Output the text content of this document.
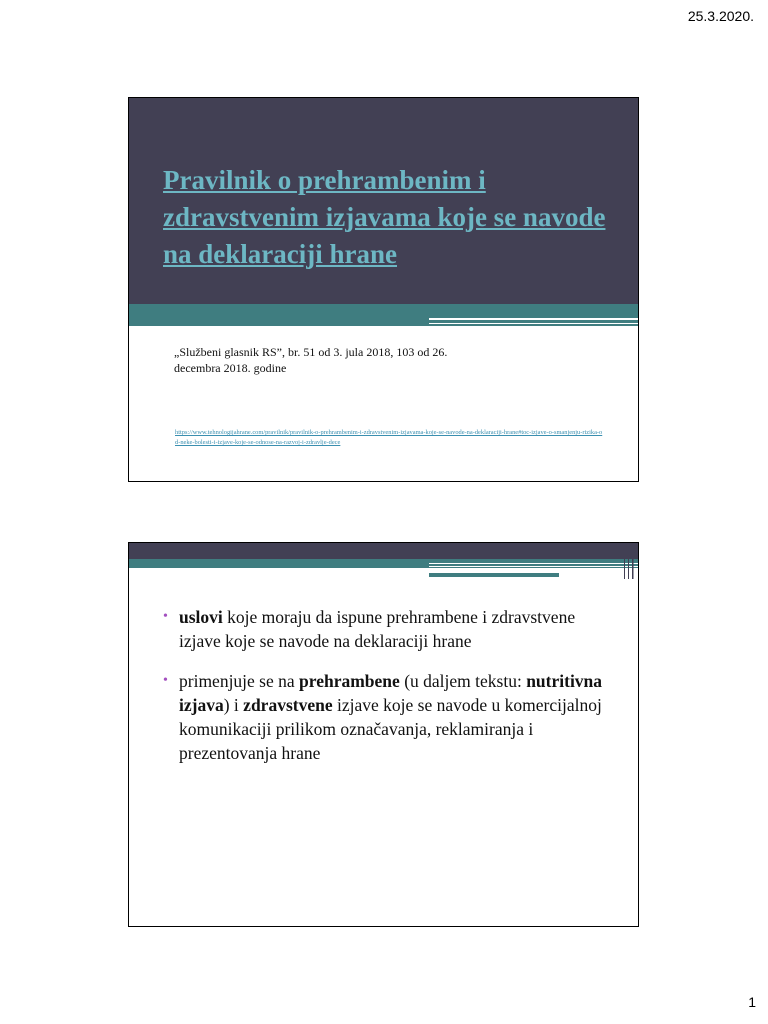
25.3.2020.
Pravilnik o prehrambenim i zdravstvenim izjavama koje se navode na deklaraciji hrane
„Službeni glasnik RS”, br. 51 od 3. jula 2018, 103 od 26. decembra 2018. godine
https://www.tehnologijahrane.com/pravilnik/pravilnik-o-prehrambenim-i-zdravstvenim-izjavama-koje-se-navode-na-deklaraciji-hrane#toc-izjave-o-smanjenju-rizika-od-neke-bolesti-i-izjave-koje-se-odnose-na-razvoj-i-zdravlje-dece
• uslovi koje moraju da ispune prehrambene i zdravstvene izjave koje se navode na deklaraciji hrane
• primenjuje se na prehrambene (u daljem tekstu: nutritivna izjava) i zdravstvene izjave koje se navode u komercijalnoj komunikaciji prilikom označavanja, reklamiranja i prezentovanja hrane
1
